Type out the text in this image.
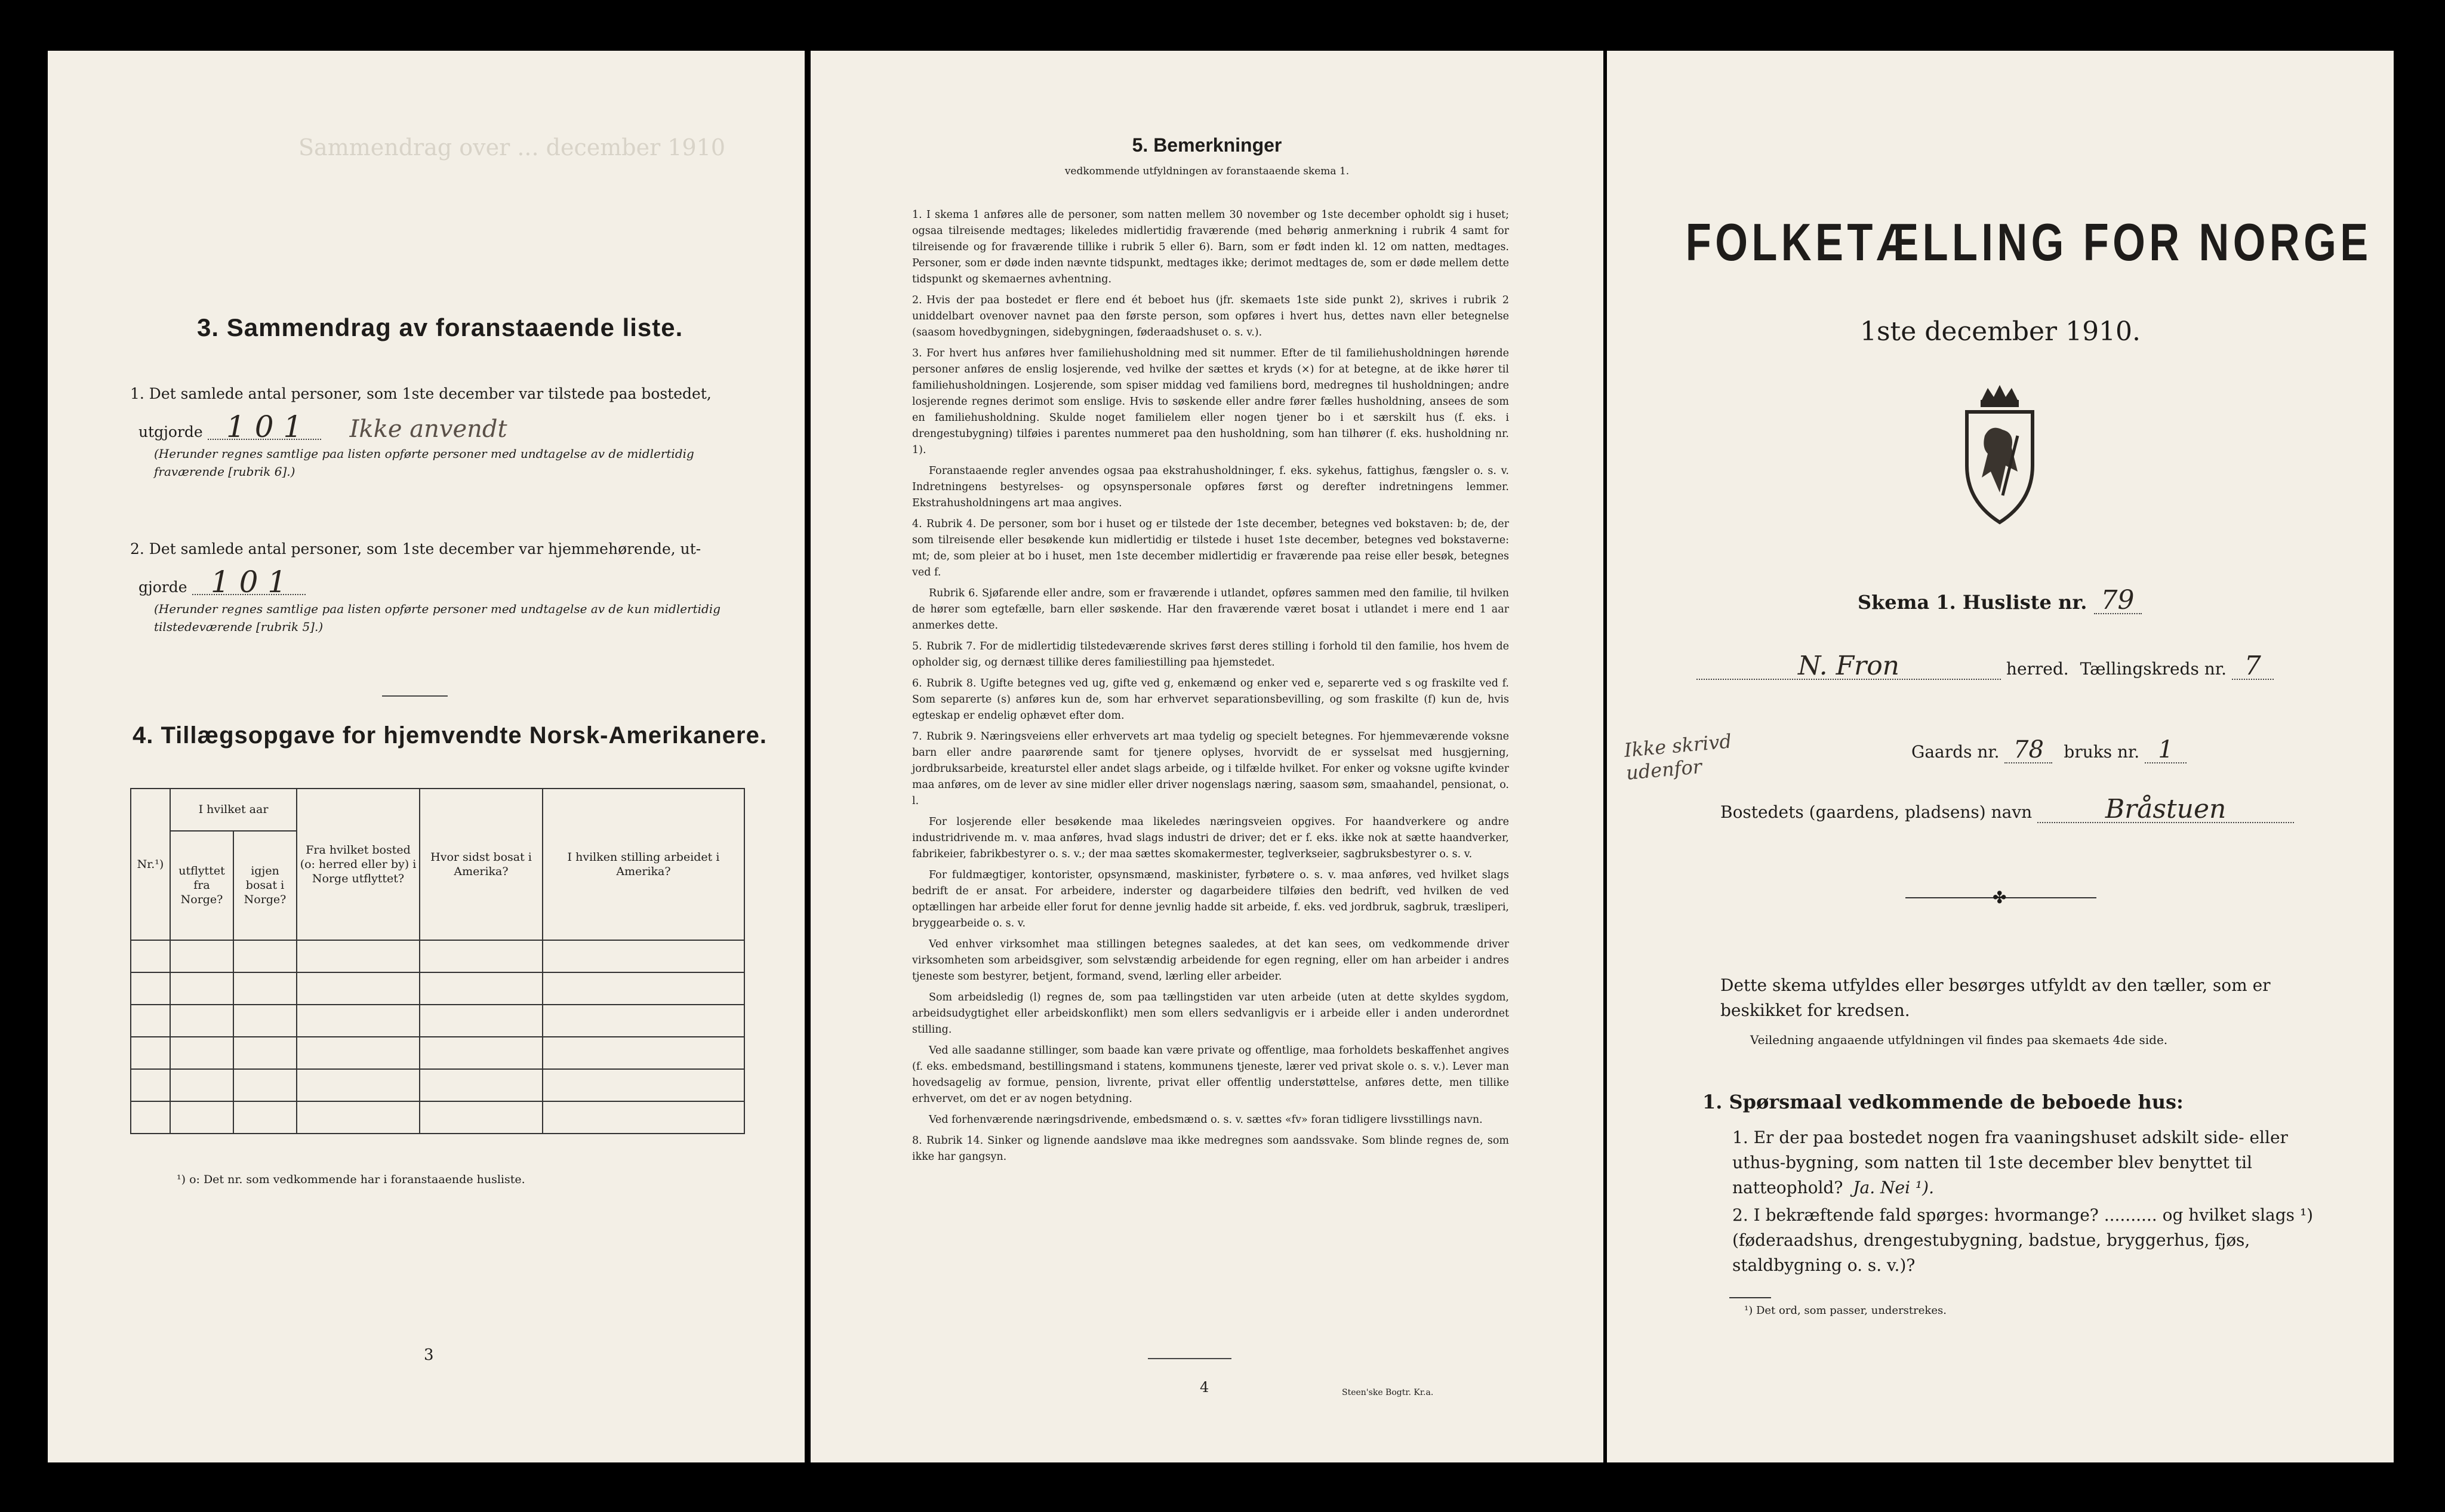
Sammendrag over ... december 1910
3. Sammendrag av foranstaaende liste.
1. Det samlede antal personer, som 1ste december var tilstede paa bostedet,
utgjorde 1 0 1 Ikke anvendt
(Herunder regnes samtlige paa listen opførte personer med undtagelse av de midlertidig fraværende [rubrik 6].)
2. Det samlede antal personer, som 1ste december var hjemmehørende, ut-
gjorde 1 0 1
(Herunder regnes samtlige paa listen opførte personer med undtagelse av de kun midlertidig tilstedeværende [rubrik 5].)
4. Tillægsopgave for hjemvendte Norsk-Amerikanere.
Nr.¹)	I hvilket aar		Fra hvilket bosted (o: herred eller by) i Norge utflyttet?	Hvor sidst bosat i Amerika?	I hvilken stilling arbeidet i Amerika?
	utflyttet fra Norge?	igjen bosat i Norge?			

¹) o: Det nr. som vedkommende har i foranstaaende husliste.
3
5. Bemerkninger
vedkommende utfyldningen av foranstaaende skema 1.

1. I skema 1 anføres alle de personer, som natten mellem 30 november og 1ste december opholdt sig i huset; ogsaa tilreisende medtages; likeledes midlertidig fraværende (med behørig anmerkning i rubrik 4 samt for tilreisende og for fraværende tillike i rubrik 5 eller 6). Barn, som er født inden kl. 12 om natten, medtages. Personer, som er døde inden nævnte tidspunkt, medtages ikke; derimot medtages de, som er døde mellem dette tidspunkt og skemaernes avhentning.

2. Hvis der paa bostedet er flere end ét beboet hus (jfr. skemaets 1ste side punkt 2), skrives i rubrik 2 uniddelbart ovenover navnet paa den første person, som opføres i hvert hus, dettes navn eller betegnelse (saasom hovedbygningen, sidebygningen, føderaadshuset o. s. v.).

3. For hvert hus anføres hver familiehusholdning med sit nummer. Efter de til familiehusholdningen hørende personer anføres de enslig losjerende, ved hvilke der sættes et kryds (×) for at betegne, at de ikke hører til familiehusholdningen. Losjerende, som spiser middag ved familiens bord, medregnes til husholdningen; andre losjerende regnes derimot som enslige. Hvis to søskende eller andre fører fælles husholdning, ansees de som en familiehusholdning. Skulde noget familielem eller nogen tjener bo i et særskilt hus (f. eks. i drengestubygning) tilføies i parentes nummeret paa den husholdning, som han tilhører (f. eks. husholdning nr. 1).

Foranstaaende regler anvendes ogsaa paa ekstrahusholdninger, f. eks. sykehus, fattighus, fængsler o. s. v. Indretningens bestyrelses- og opsynspersonale opføres først og derefter indretningens lemmer. Ekstrahusholdningens art maa angives.

4. Rubrik 4. De personer, som bor i huset og er tilstede der 1ste december, betegnes ved bokstaven: b; de, der som tilreisende eller besøkende kun midlertidig er tilstede i huset 1ste december, betegnes ved bokstaverne: mt; de, som pleier at bo i huset, men 1ste december midlertidig er fraværende paa reise eller besøk, betegnes ved f.

Rubrik 6. Sjøfarende eller andre, som er fraværende i utlandet, opføres sammen med den familie, til hvilken de hører som egtefælle, barn eller søskende. Har den fraværende været bosat i utlandet i mere end 1 aar anmerkes dette.

5. Rubrik 7. For de midlertidig tilstedeværende skrives først deres stilling i forhold til den familie, hos hvem de opholder sig, og dernæst tillike deres familiestilling paa hjemstedet.

6. Rubrik 8. Ugifte betegnes ved ug, gifte ved g, enkemænd og enker ved e, separerte ved s og fraskilte ved f. Som separerte (s) anføres kun de, som har erhvervet separationsbevilling, og som fraskilte (f) kun de, hvis egteskap er endelig ophævet efter dom.

7. Rubrik 9. Næringsveiens eller erhvervets art maa tydelig og specielt betegnes. For hjemmeværende voksne barn eller andre paarørende samt for tjenere oplyses, hvorvidt de er sysselsat med husgjerning, jordbruksarbeide, kreaturstel eller andet slags arbeide, og i tilfælde hvilket. For enker og voksne ugifte kvinder maa anføres, om de lever av sine midler eller driver nogenslags næring, saasom søm, smaahandel, pensionat, o. l.

For losjerende eller besøkende maa likeledes næringsveien opgives. For haandverkere og andre industridrivende m. v. maa anføres, hvad slags industri de driver; det er f. eks. ikke nok at sætte haandverker, fabrikeier, fabrikbestyrer o. s. v.; der maa sættes skomakermester, teglverkseier, sagbruksbestyrer o. s. v.

For fuldmægtiger, kontorister, opsynsmænd, maskinister, fyrbøtere o. s. v. maa anføres, ved hvilket slags bedrift de er ansat. For arbeidere, inderster og dagarbeidere tilføies den bedrift, ved hvilken de ved optællingen har arbeide eller forut for denne jevnlig hadde sit arbeide, f. eks. ved jordbruk, sagbruk, træsliperi, bryggearbeide o. s. v.

Ved enhver virksomhet maa stillingen betegnes saaledes, at det kan sees, om vedkommende driver virksomheten som arbeidsgiver, som selvstændig arbeidende for egen regning, eller om han arbeider i andres tjeneste som bestyrer, betjent, formand, svend, lærling eller arbeider.

Som arbeidsledig (l) regnes de, som paa tællingstiden var uten arbeide (uten at dette skyldes sygdom, arbeidsudygtighet eller arbeidskonflikt) men som ellers sedvanligvis er i arbeide eller i anden underordnet stilling.

Ved alle saadanne stillinger, som baade kan være private og offentlige, maa forholdets beskaffenhet angives (f. eks. embedsmand, bestillingsmand i statens, kommunens tjeneste, lærer ved privat skole o. s. v.). Lever man hovedsagelig av formue, pension, livrente, privat eller offentlig understøttelse, anføres dette, men tillike erhvervet, om det er av nogen betydning.

Ved forhenværende næringsdrivende, embedsmænd o. s. v. sættes «fv» foran tidligere livsstillings navn.

8. Rubrik 14. Sinker og lignende aandsløve maa ikke medregnes som aandssvake. Som blinde regnes de, som ikke har gangsyn.

4	Steen'ske Bogtr. Kr.a.
FOLKETÆLLING FOR NORGE
1ste december 1910.
Skema 1. Husliste nr. 79
N. Fron	herred. Tællingskreds nr. 7
Ikke skrivd udenfor
Gaards nr. 78 bruks nr. 1
Bostedets (gaardens, pladsens) navn	Bråstuen
✤
Dette skema utfyldes eller besørges utfyldt av den tæller, som er beskikket for kredsen.
Veiledning angaaende utfyldningen vil findes paa skemaets 4de side.
1. Spørsmaal vedkommende de beboede hus:
1. Er der paa bostedet nogen fra vaaningshuset adskilt side- eller uthus-bygning, som natten til 1ste december blev benyttet til natteophold? Ja. Nei ¹).
2. I bekræftende fald spørges: hvormange? .......... og hvilket slags ¹) (føderaadshus, drengestubygning, badstue, bryggerhus, fjøs, staldbygning o. s. v.)?
¹) Det ord, som passer, understrekes.
